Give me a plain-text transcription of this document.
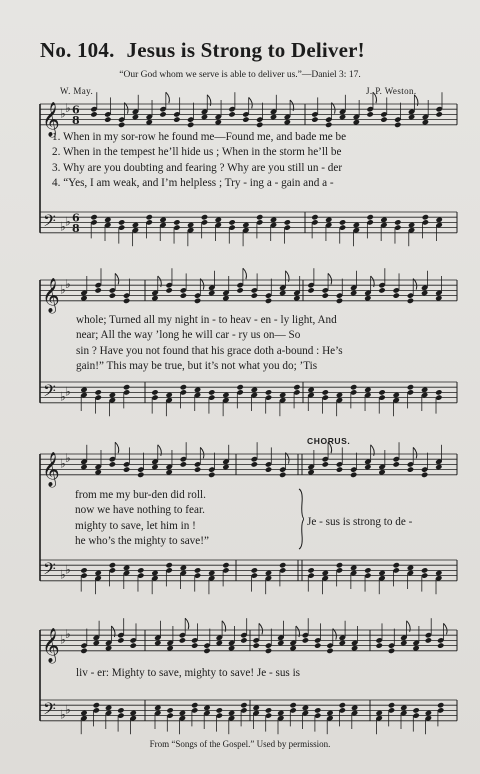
No. 104. Jesus is Strong to Deliver!
“Our God whom we serve is able to deliver us.”—Daniel 3: 17.
W. May.	J. P. Weston.
𝄞
𝄢
♭ ♭
♭ ♭
6
8
6
8
𝄞
𝄢
♭ ♭
♭ ♭
𝄞
𝄢
♭ ♭
♭ ♭
𝄞
𝄢
♭ ♭
♭ ♭
1. When in my sor-row he found me—Found me, and bade me be
2. When in the tempest he’ll hide us ; When in the storm he’ll be
3. Why are you doubting and fearing ? Why are you still un - der
4. “Yes, I am weak, and I’m helpless ; Try - ing a - gain and a -
whole; Turned all my night in - to heav - en - ly light, And
near; All the way ’long he will car - ry us on— So
sin ? Have you not found that his grace doth a-bound : He’s
gain!” This may be true, but it’s not what you do; ’Tis
from me my bur-den did roll.
now we have nothing to fear.
mighty to save, let him in !
he who’s the mighty to save!”
CHORUS.
Je - sus is strong to de -
liv - er: Mighty to save, mighty to save! Je - sus is
From “Songs of the Gospel.” Used by permission.
